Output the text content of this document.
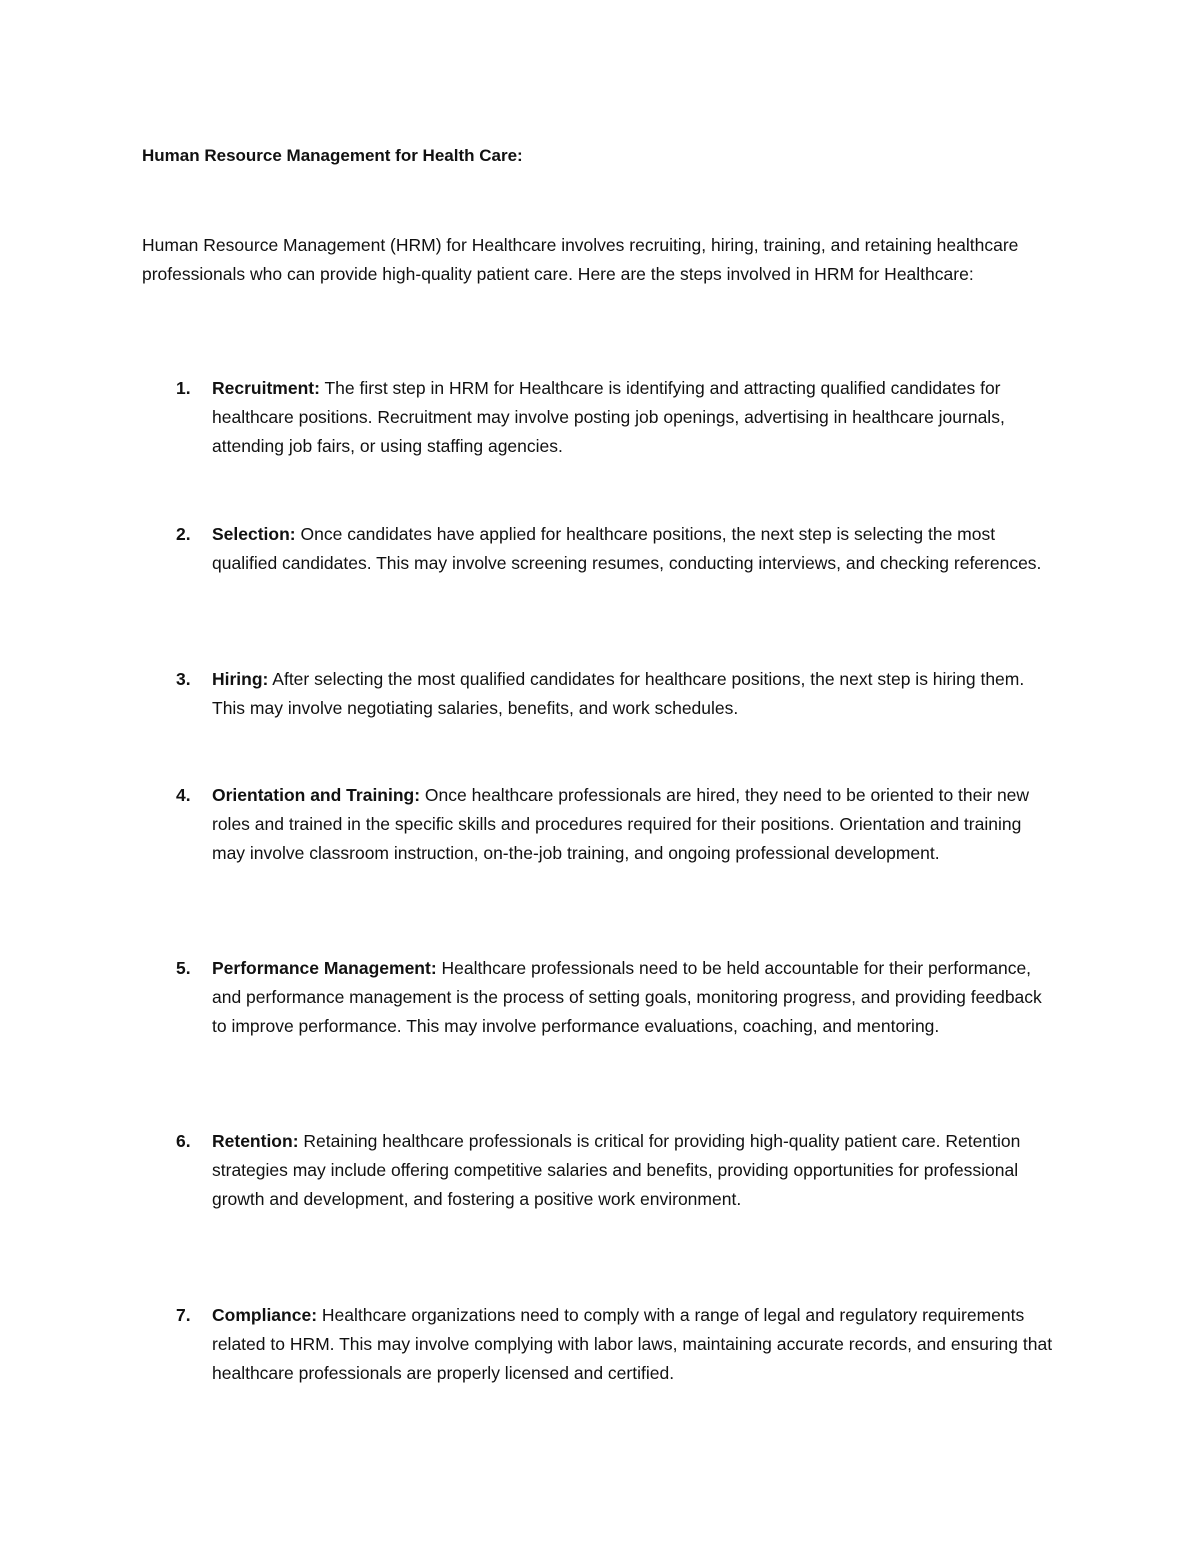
Human Resource Management for Health Care:
Human Resource Management (HRM) for Healthcare involves recruiting, hiring, training, and retaining healthcare professionals who can provide high-quality patient care. Here are the steps involved in HRM for Healthcare:
1.	Recruitment: The first step in HRM for Healthcare is identifying and attracting qualified candidates for healthcare positions. Recruitment may involve posting job openings, advertising in healthcare journals, attending job fairs, or using staffing agencies.
2.	Selection: Once candidates have applied for healthcare positions, the next step is selecting the most qualified candidates. This may involve screening resumes, conducting interviews, and checking references.
3.	Hiring: After selecting the most qualified candidates for healthcare positions, the next step is hiring them. This may involve negotiating salaries, benefits, and work schedules.
4.	Orientation and Training: Once healthcare professionals are hired, they need to be oriented to their new roles and trained in the specific skills and procedures required for their positions. Orientation and training may involve classroom instruction, on-the-job training, and ongoing professional development.
5.	Performance Management: Healthcare professionals need to be held accountable for their performance, and performance management is the process of setting goals, monitoring progress, and providing feedback to improve performance. This may involve performance evaluations, coaching, and mentoring.
6.	Retention: Retaining healthcare professionals is critical for providing high-quality patient care. Retention strategies may include offering competitive salaries and benefits, providing opportunities for professional growth and development, and fostering a positive work environment.
7.	Compliance: Healthcare organizations need to comply with a range of legal and regulatory requirements related to HRM. This may involve complying with labor laws, maintaining accurate records, and ensuring that healthcare professionals are properly licensed and certified.
